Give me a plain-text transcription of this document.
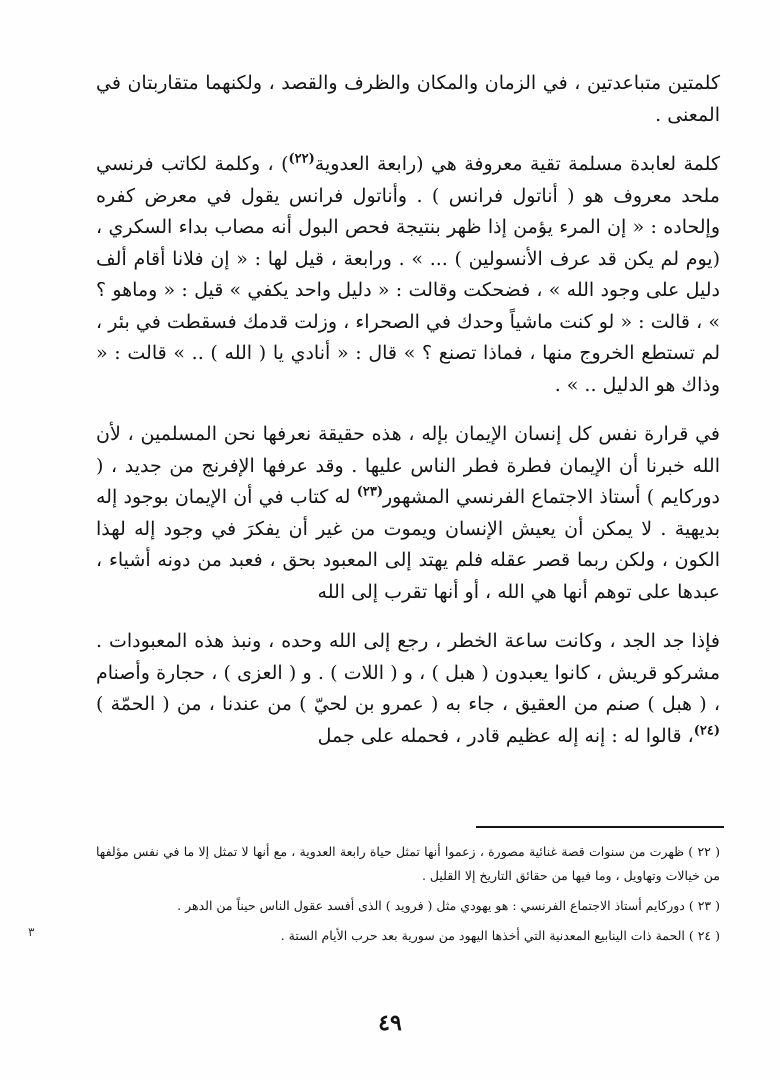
كلمتين متباعدتين ، في الزمان والمكان والظرف والقصد ، ولكنهما متقاربتان في المعنى .

كلمة لعابدة مسلمة تقية معروفة هي (رابعة العدوية$^{(٢٢)}$) ، وكلمة لكاتب فرنسي ملحد معروف هو ( أناتول فرانس ) . وأناتول فرانس يقول في معرض كفره وإلحاده : « إن المرء يؤمن إذا ظهر بنتيجة فحص البول أنه مصاب بداء السكري ، (يوم لم يكن قد عرف الأنسولين ) ... » . ورابعة ، قيل لها : « إن فلانا أقام ألف دليل على وجود الله » ، فضحكت وقالت : « دليل واحد يكفي » قيل : « وماهو ؟ » ، قالت : « لو كنت ماشياً وحدك في الصحراء ، وزلت قدمك فسقطت في بئر ، لم تستطع الخروج منها ، فماذا تصنع ؟ » قال : « أنادي يا ( الله ) .. » قالت : « وذاك هو الدليل .. » .

في قرارة نفس كل إنسان الإيمان بإله ، هذه حقيقة نعرفها نحن المسلمين ، لأن الله خبرنا أن الإيمان فطرة فطر الناس عليها . وقد عرفها الإفرنج من جديد ، ( دوركايم ) أستاذ الاجتماع الفرنسي المشهور$^{(٢٣)}$ له كتاب في أن الإيمان بوجود إله بديهية . لا يمكن أن يعيش الإنسان ويموت من غير أن يفكرَ في وجود إله لهذا الكون ، ولكن ربما قصر عقله فلم يهتد إلى المعبود بحق ، فعبد من دونه أشياء ، عبدها على توهم أنها هي الله ، أو أنها تقرب إلى الله

فإذا جد الجد ، وكانت ساعة الخطر ، رجع إلى الله وحده ، ونبذ هذه المعبودات . مشركو قريش ، كانوا يعبدون ( هبل ) ، و ( اللات ) . و ( العزى ) ، حجارة وأصنام ، ( هبل ) صنم من العقيق ، جاء به ( عمرو بن لحيّ ) من عندنا ، من ( الحمّة )$^{(٢٤)}$، قالوا له : إنه إله عظيم قادر ، فحمله على جمل

( ٢٢ ) ظهرت من سنوات قصة غنائية مصورة ، زعموا أنها تمثل حياة رابعة العدوية ، مع أنها لا تمثل إلا ما في نفس مؤلفها من خيالات وتهاويل ، وما فيها من حقائق التاريخ إلا القليل .

( ٢٣ ) دوركايم أستاذ الاجتماع الفرنسي : هو يهودي مثل ( فرويد ) الذى أفسد عقول الناس حيناً من الدهر .

( ٢٤ ) الحمة ذات الينابيع المعدنية التي أخذها اليهود من سورية بعد حرب الأيام الستة .

٣
٤٩
